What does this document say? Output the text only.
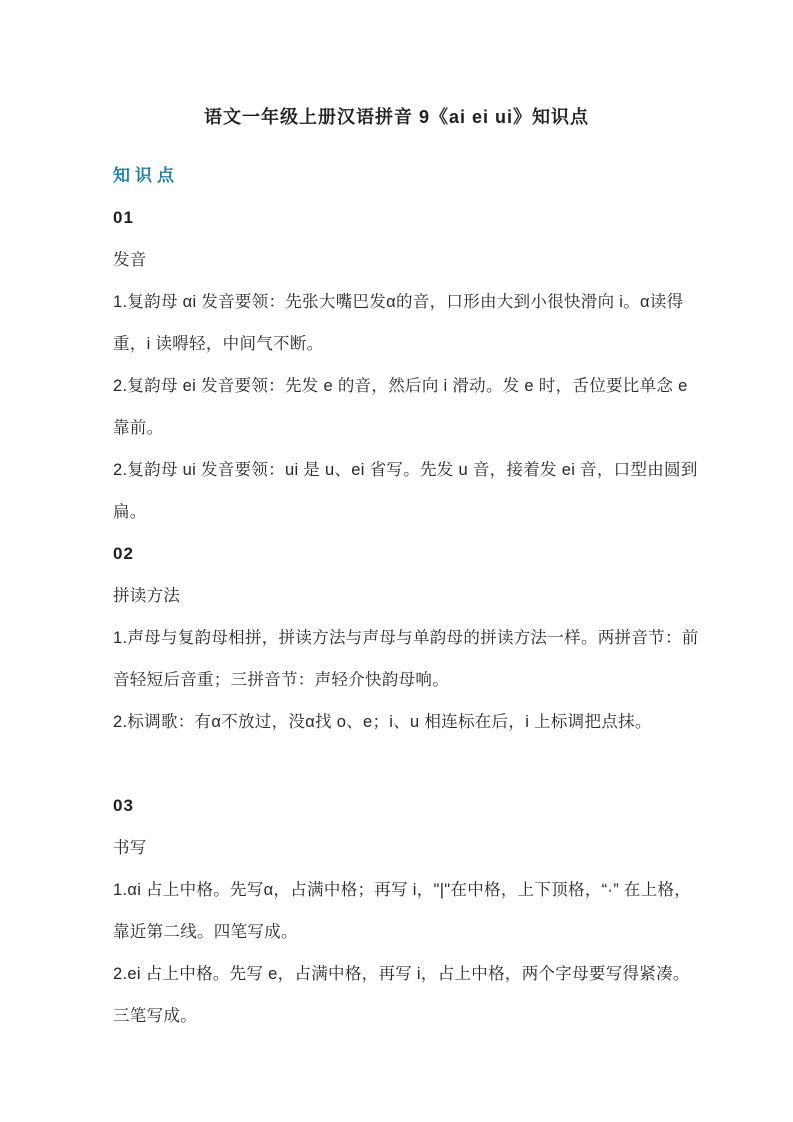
语文一年级上册汉语拼音 9《ai ei ui》知识点
知识点
01
发音
1.复韵母 αi 发音要领：先张大嘴巴发α的音，口形由大到小很快滑向 i。α读得
重，i 读嘚轻，中间气不断。
2.复韵母 ei 发音要领：先发 e 的音，然后向 i 滑动。发 e 时，舌位要比单念 e
靠前。
2.复韵母 ui 发音要领：ui 是 u、ei 省写。先发 u 音，接着发 ei 音，口型由圆到
扁。
02
拼读方法
1.声母与复韵母相拼，拼读方法与声母与单韵母的拼读方法一样。两拼音节：前
音轻短后音重；三拼音节：声轻介快韵母响。
2.标调歌：有α不放过，没α找 o、e；i、u 相连标在后，i 上标调把点抹。
03
书写
1.αi 占上中格。先写α，占满中格；再写 i，"|"在中格，上下顶格，“·” 在上格，
靠近第二线。四笔写成。
2.ei 占上中格。先写 e，占满中格，再写 i，占上中格，两个字母要写得紧凑。
三笔写成。
